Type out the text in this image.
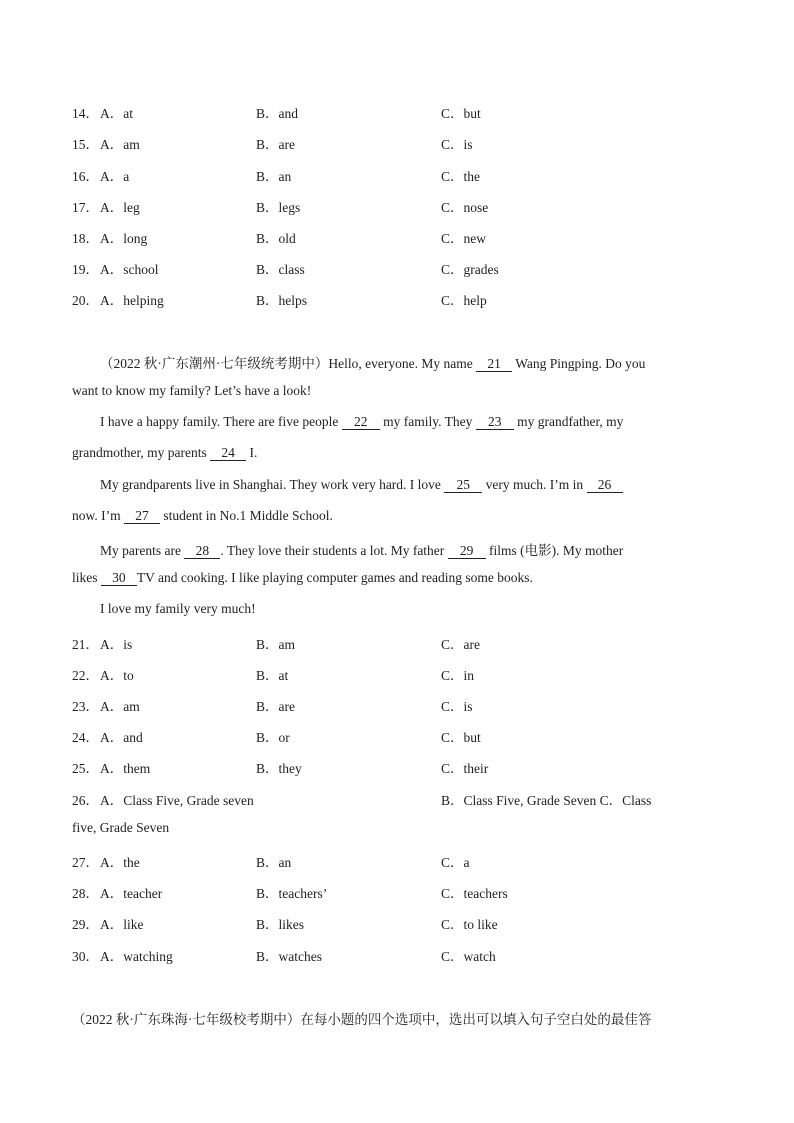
14． A．at	B．and	C．but
15． A．am	B．are	C．is
16． A．a	B．an	C．the
17． A．leg	B．legs	C．nose
18． A．long	B．old	C．new
19． A．school	B．class	C．grades
20． A．helping	B．helps	C．help
（2022 秋·广东潮州·七年级统考期中）Hello, everyone. My name 21 Wang Pingping. Do you
want to know my family? Let’s have a look!
I have a happy family. There are five people 22 my family. They 23 my grandfather, my
grandmother, my parents 24 I.
My grandparents live in Shanghai. They work very hard. I love 25 very much. I’m in 26
now. I’m 27 student in No.1 Middle School.
My parents are 28 . They love their students a lot. My father 29 films (电影). My mother
likes 30 TV and cooking. I like playing computer games and reading some books.
I love my family very much!
21． A．is	B．am	C．are
22． A．to	B．at	C．in
23． A．am	B．are	C．is
24． A．and	B．or	C．but
25． A．them	B．they	C．their
26． A．Class Five, Grade seven	B．Class Five, Grade Seven C．Class
five, Grade Seven
27． A．the	B．an	C．a
28． A．teacher	B．teachers’	C．teachers
29． A．like	B．likes	C．to like
30． A．watching	B．watches	C．watch
（2022 秋·广东珠海·七年级校考期中）在每小题的四个选项中，选出可以填入句子空白处的最佳答
